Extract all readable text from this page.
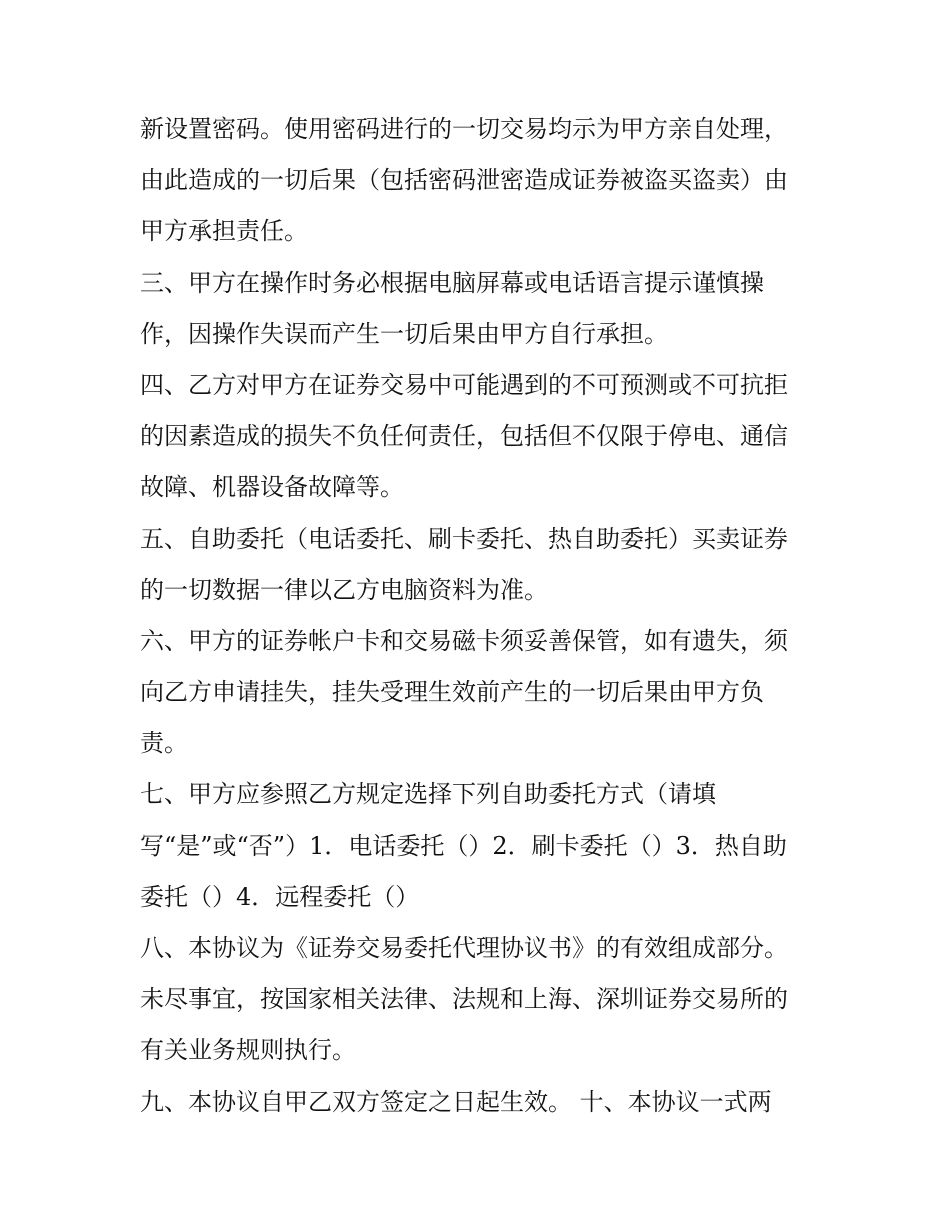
新设置密码。使用密码进行的一切交易均示为甲方亲自处理，
由此造成的一切后果（包括密码泄密造成证券被盗买盗卖）由
甲方承担责任。
三、甲方在操作时务必根据电脑屏幕或电话语言提示谨慎操
作，因操作失误而产生一切后果由甲方自行承担。
四、乙方对甲方在证券交易中可能遇到的不可预测或不可抗拒
的因素造成的损失不负任何责任，包括但不仅限于停电、通信
故障、机器设备故障等。
五、自助委托（电话委托、刷卡委托、热自助委托）买卖证券
的一切数据一律以乙方电脑资料为准。
六、甲方的证券帐户卡和交易磁卡须妥善保管，如有遗失，须
向乙方申请挂失，挂失受理生效前产生的一切后果由甲方负
责。
七、甲方应参照乙方规定选择下列自助委托方式（请填
写“是”或“否”）1．电话委托（）2．刷卡委托（）3．热自助
委托（）4．远程委托（）
八、本协议为《证券交易委托代理协议书》的有效组成部分。
未尽事宜，按国家相关法律、法规和上海、深圳证券交易所的
有关业务规则执行。
九、本协议自甲乙双方签定之日起生效。 十、本协议一式两
